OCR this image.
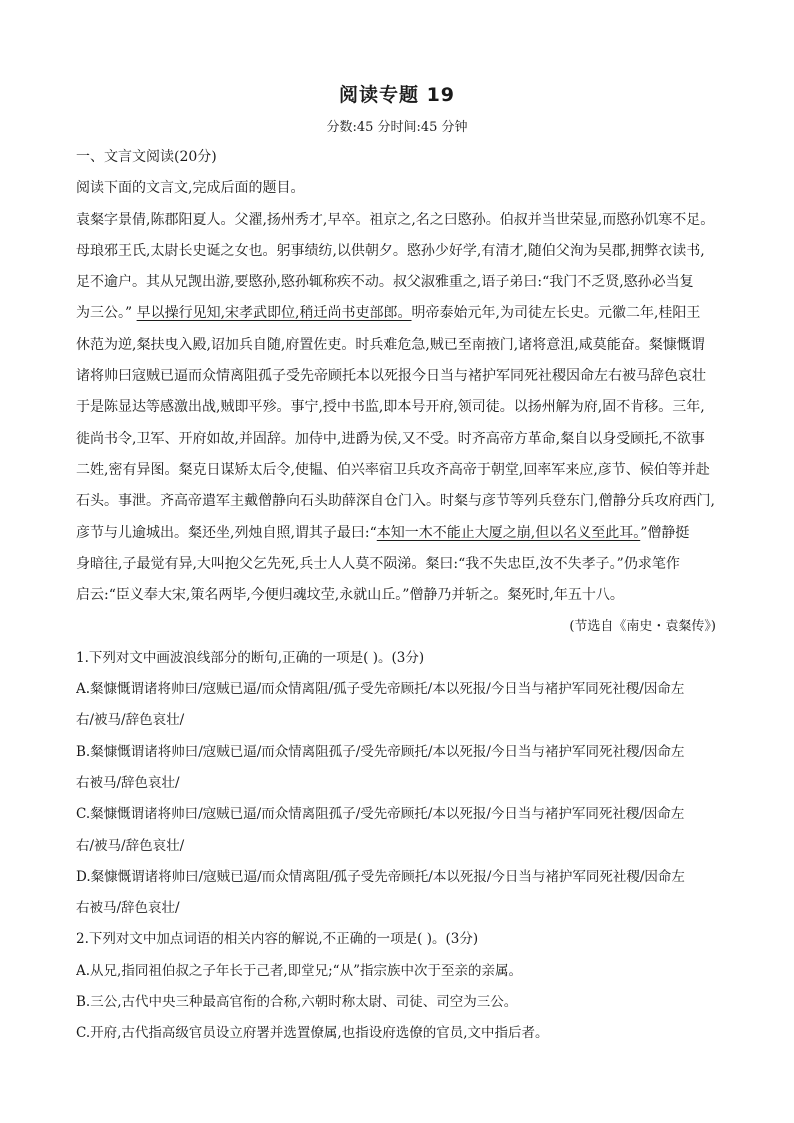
阅读专题 19
分数:45 分时间:45 分钟

一、文言文阅读(20分)

阅读下面的文言文,完成后面的题目。

袁粲字景倩,陈郡阳夏人。父濯,扬州秀才,早卒。祖京之,名之曰愍孙。伯叔并当世荣显,而愍孙饥寒不足。

母琅邪王氏,太尉长史诞之女也。躬事绩纺,以供朝夕。愍孙少好学,有清才,随伯父洵为吴郡,拥弊衣读书,

足不逾户。其从兄觊出游,要愍孙,愍孙辄称疾不动。叔父淑雅重之,语子弟曰:“我门不乏贤,愍孙必当复

为三公。” 早以操行见知,宋孝武即位,稍迁尚书吏部郎。明帝泰始元年,为司徒左长史。元徽二年,桂阳王

休范为逆,粲扶曳入殿,诏加兵自随,府置佐吏。时兵难危急,贼已至南掖门,诸将意沮,咸莫能奋。粲慷慨谓

诸将帅曰寇贼已逼而众情离阻孤子受先帝顾托本以死报今日当与褚护军同死社稷因命左右被马辞色哀壮

于是陈显达等感激出战,贼即平殄。事宁,授中书监,即本号开府,领司徒。以扬州解为府,固不肯移。三年,

徙尚书令,卫军、开府如故,并固辞。加侍中,进爵为侯,又不受。时齐高帝方革命,粲自以身受顾托,不欲事

二姓,密有异图。粲克日谋矫太后令,使韫、伯兴率宿卫兵攻齐高帝于朝堂,回率军来应,彦节、候伯等并赴

石头。事泄。齐高帝遣军主戴僧静向石头助薛深自仓门入。时粲与彦节等列兵登东门,僧静分兵攻府西门,

彦节与儿逾城出。粲还坐,列烛自照,谓其子最曰:“本知一木不能止大厦之崩,但以名义至此耳。”僧静挺

身暗往,子最觉有异,大叫抱父乞先死,兵士人人莫不陨涕。粲曰:“我不失忠臣,汝不失孝子。”仍求笔作

启云:“臣义奉大宋,策名两毕,今便归魂坟茔,永就山丘。”僧静乃并斩之。粲死时,年五十八。

(节选自《南史・袁粲传》)

1.下列对文中画波浪线部分的断句,正确的一项是( )。(3分)

A.粲慷慨谓诸将帅曰/寇贼已逼/而众情离阻/孤子受先帝顾托/本以死报/今日当与褚护军同死社稷/因命左

右/被马/辞色哀壮/

B.粲慷慨谓诸将帅曰/寇贼已逼/而众情离阻孤子/受先帝顾托/本以死报/今日当与褚护军同死社稷/因命左

右被马/辞色哀壮/

C.粲慷慨谓诸将帅曰/寇贼已逼/而众情离阻孤子/受先帝顾托/本以死报/今日当与褚护军同死社稷/因命左

右/被马/辞色哀壮/

D.粲慷慨谓诸将帅曰/寇贼已逼/而众情离阻/孤子受先帝顾托/本以死报/今日当与褚护军同死社稷/因命左

右被马/辞色哀壮/

2.下列对文中加点词语的相关内容的解说,不正确的一项是( )。(3分)

A.从兄,指同祖伯叔之子年长于己者,即堂兄;“从”指宗族中次于至亲的亲属。

B.三公,古代中央三种最高官衔的合称,六朝时称太尉、司徒、司空为三公。

C.开府,古代指高级官员设立府署并选置僚属,也指设府选僚的官员,文中指后者。
